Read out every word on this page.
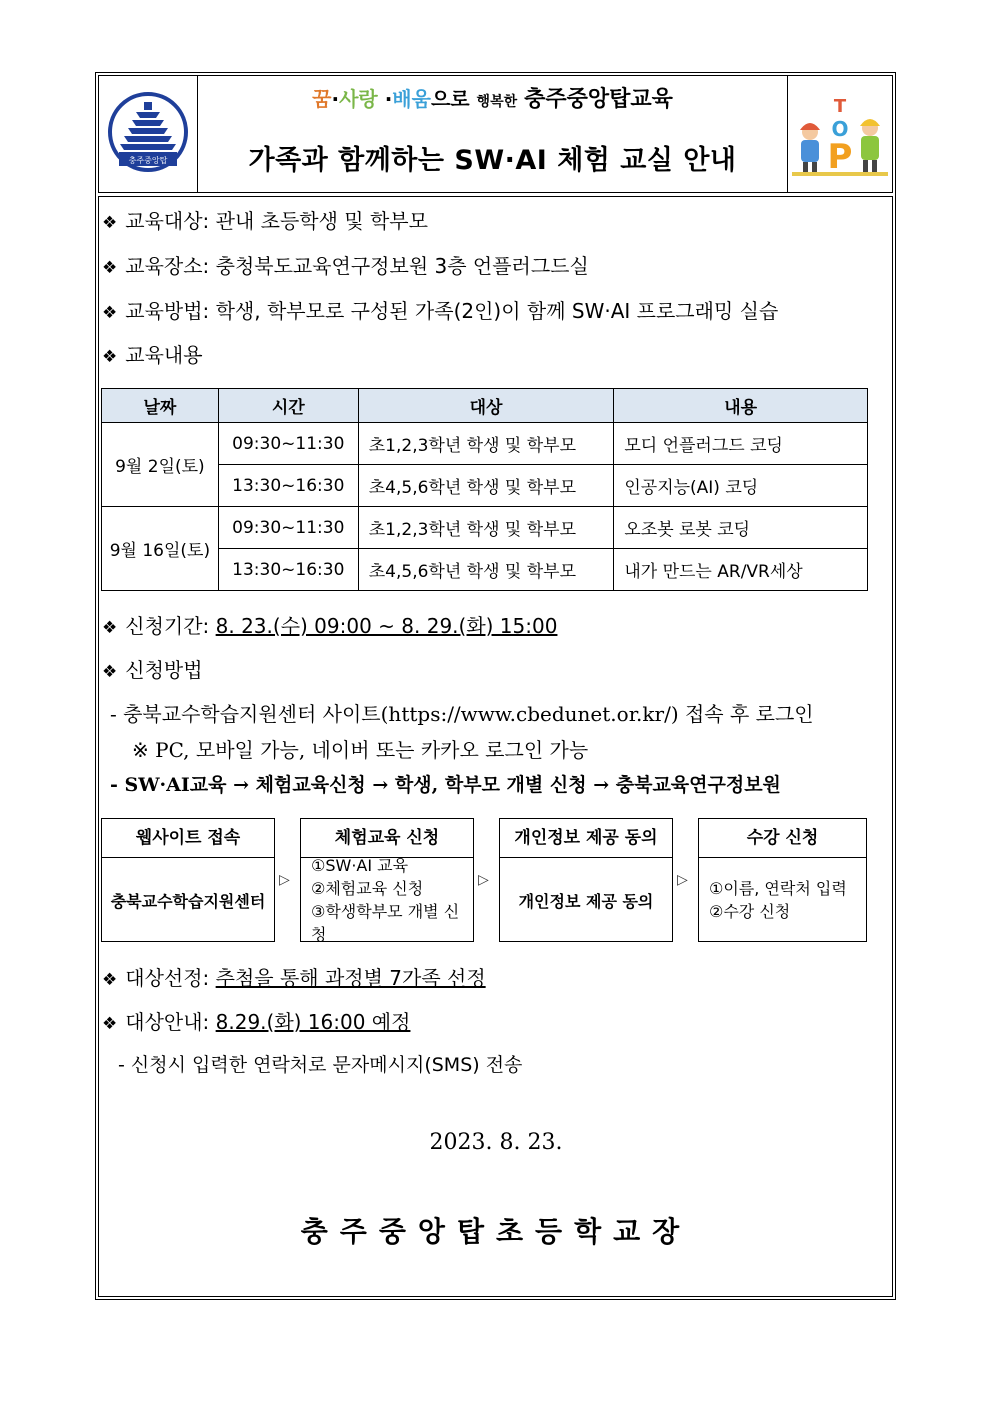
충주중앙탑
꿈·사랑 ·배움으로 행복한 충주중앙탑교육
가족과 함께하는 SW·AI 체험 교실 안내
T
O
P
❖ 교육대상: 관내 초등학생 및 학부모
❖ 교육장소: 충청북도교육연구정보원 3층 언플러그드실
❖ 교육방법: 학생, 학부모로 구성된 가족(2인)이 함께 SW·AI 프로그래밍 실습
❖ 교육내용
날짜	시간	대상	내용
9월 2일(토)	09:30~11:30	초1,2,3학년 학생 및 학부모	모디 언플러그드 코딩
	13:30~16:30	초4,5,6학년 학생 및 학부모	인공지능(AI) 코딩
9월 16일(토)	09:30~11:30	초1,2,3학년 학생 및 학부모	오조봇 로봇 코딩
	13:30~16:30	초4,5,6학년 학생 및 학부모	내가 만드는 AR/VR세상
❖ 신청기간: 8. 23.(수) 09:00 ~ 8. 29.(화) 15:00
❖ 신청방법
- 충북교수학습지원센터 사이트(https://www.cbedunet.or.kr/) 접속 후 로그인
※ PC, 모바일 가능, 네이버 또는 카카오 로그인 가능
- SW·AI교육 → 체험교육신청 → 학생, 학부모 개별 신청 → 충북교육연구정보원
웹사이트 접속
충북교수학습지원센터
▷
체험교육 신청
①SW·AI 교육
②체험교육 신청
③학생학부모 개별 신청
▷
개인정보 제공 동의
개인정보 제공 동의
▷
수강 신청
①이름, 연락처 입력
②수강 신청
❖ 대상선정: 추첨을 통해 과정별 7가족 선정
❖ 대상안내: 8.29.(화) 16:00 예정
- 신청시 입력한 연락처로 문자메시지(SMS) 전송
2023. 8. 23.
충주중앙탑초등학교장
